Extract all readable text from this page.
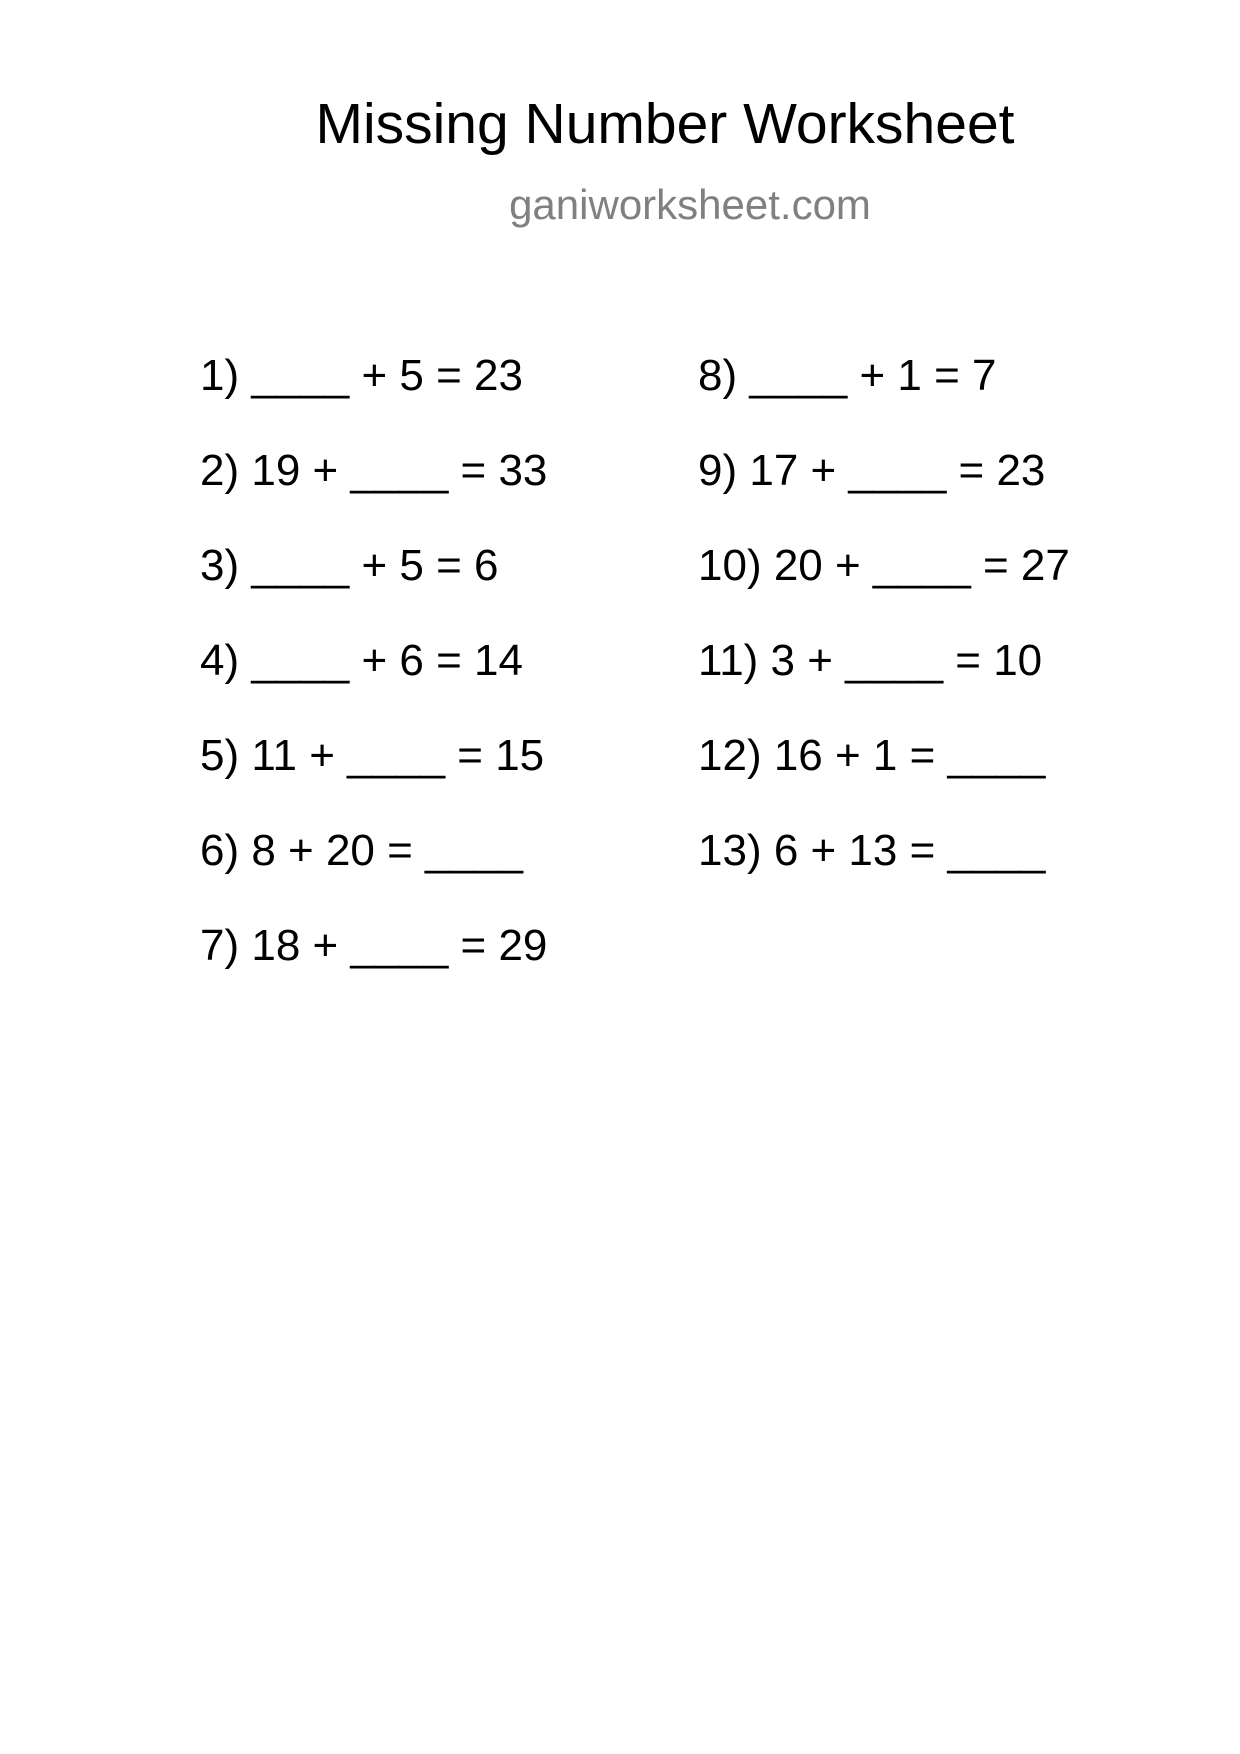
Missing Number Worksheet
ganiworksheet.com
1) ____ + 5 = 23
2) 19 + ____ = 33
3) ____ + 5 = 6
4) ____ + 6 = 14
5) 11 + ____ = 15
6) 8 + 20 = ____
7) 18 + ____ = 29
8) ____ + 1 = 7
9) 17 + ____ = 23
10) 20 + ____ = 27
11) 3 + ____ = 10
12) 16 + 1 = ____
13) 6 + 13 = ____
